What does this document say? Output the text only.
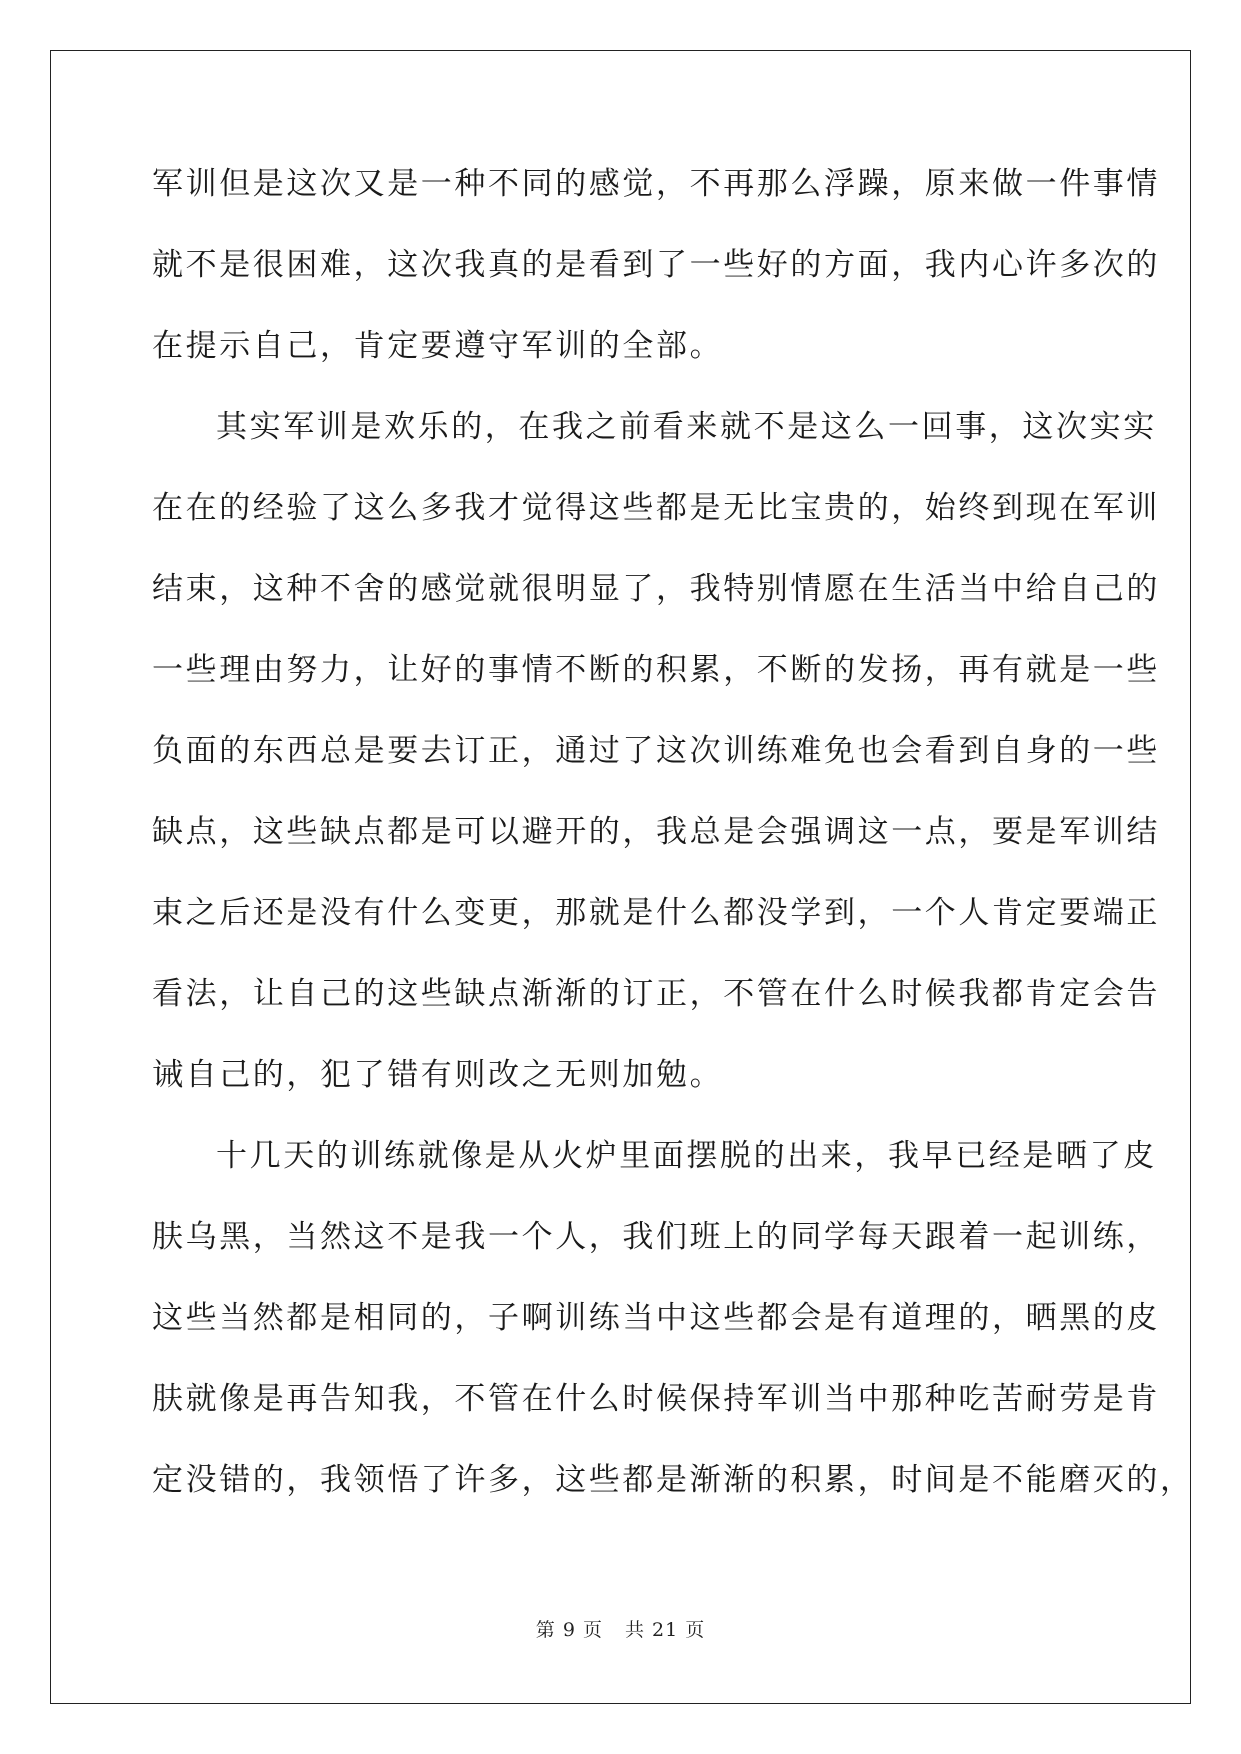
军训但是这次又是一种不同的感觉，不再那么浮躁，原来做一件事情
就不是很困难，这次我真的是看到了一些好的方面，我内心许多次的
在提示自己，肯定要遵守军训的全部。
其实军训是欢乐的，在我之前看来就不是这么一回事，这次实实
在在的经验了这么多我才觉得这些都是无比宝贵的，始终到现在军训
结束，这种不舍的感觉就很明显了，我特别情愿在生活当中给自己的
一些理由努力，让好的事情不断的积累，不断的发扬，再有就是一些
负面的东西总是要去订正，通过了这次训练难免也会看到自身的一些
缺点，这些缺点都是可以避开的，我总是会强调这一点，要是军训结
束之后还是没有什么变更，那就是什么都没学到，一个人肯定要端正
看法，让自己的这些缺点渐渐的订正，不管在什么时候我都肯定会告
诫自己的，犯了错有则改之无则加勉。
十几天的训练就像是从火炉里面摆脱的出来，我早已经是晒了皮
肤乌黑，当然这不是我一个人，我们班上的同学每天跟着一起训练，
这些当然都是相同的，子啊训练当中这些都会是有道理的，晒黑的皮
肤就像是再告知我，不管在什么时候保持军训当中那种吃苦耐劳是肯
定没错的，我领悟了许多，这些都是渐渐的积累，时间是不能磨灭的，
第 9 页 共 21 页
